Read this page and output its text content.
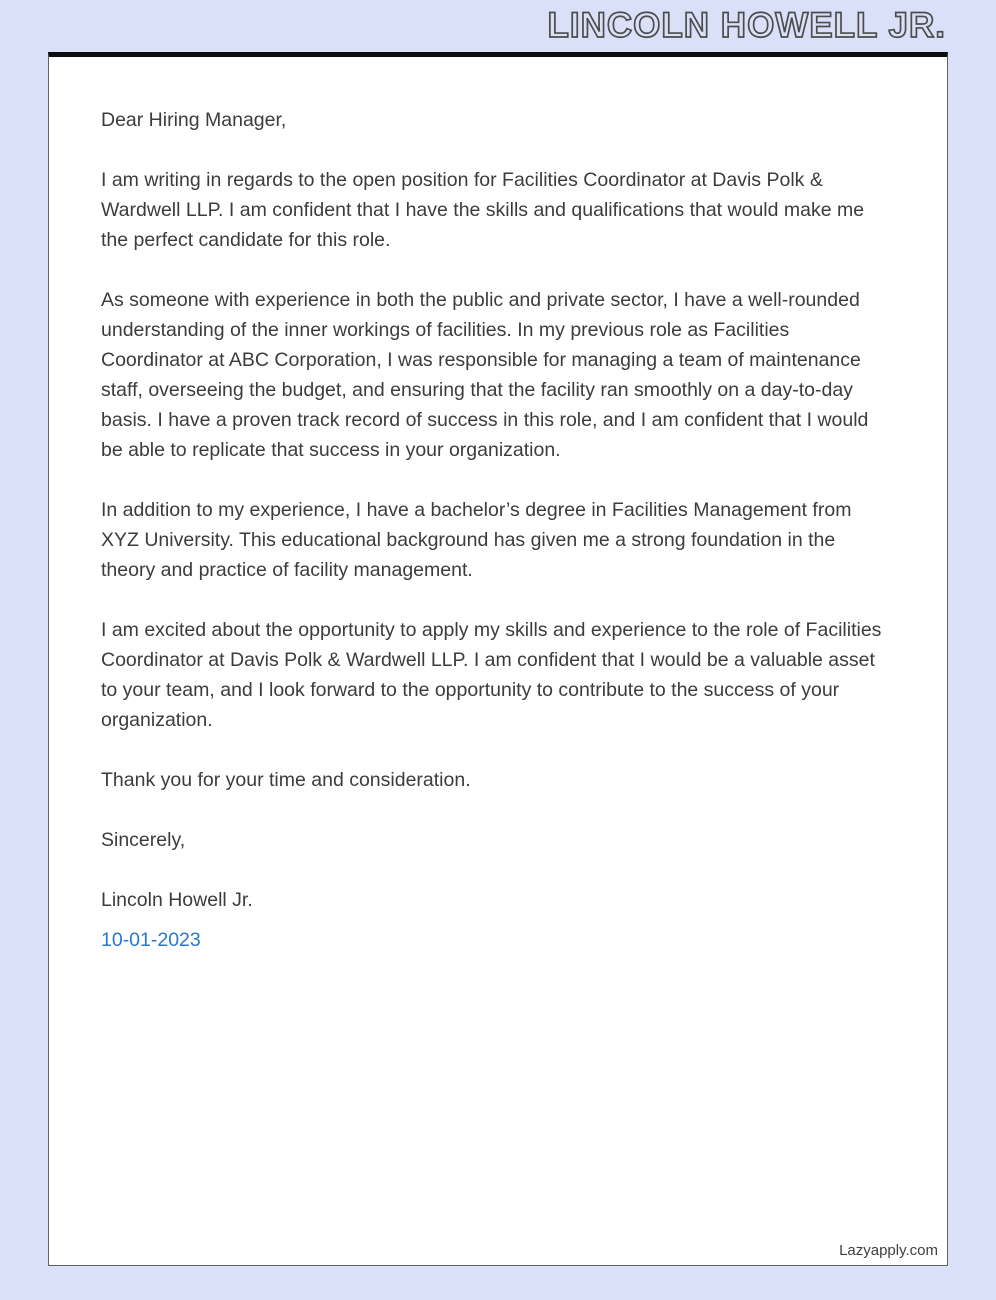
LINCOLN HOWELL JR.

Dear Hiring Manager,

I am writing in regards to the open position for Facilities Coordinator at Davis Polk & Wardwell LLP. I am confident that I have the skills and qualifications that would make me the perfect candidate for this role.

As someone with experience in both the public and private sector, I have a well-rounded understanding of the inner workings of facilities. In my previous role as Facilities Coordinator at ABC Corporation, I was responsible for managing a team of maintenance staff, overseeing the budget, and ensuring that the facility ran smoothly on a day-to-day basis. I have a proven track record of success in this role, and I am confident that I would be able to replicate that success in your organization.

In addition to my experience, I have a bachelor’s degree in Facilities Management from XYZ University. This educational background has given me a strong foundation in the theory and practice of facility management.

I am excited about the opportunity to apply my skills and experience to the role of Facilities Coordinator at Davis Polk & Wardwell LLP. I am confident that I would be a valuable asset to your team, and I look forward to the opportunity to contribute to the success of your organization.

Thank you for your time and consideration.

Sincerely,

Lincoln Howell Jr.

10-01-2023

Lazyapply.com
